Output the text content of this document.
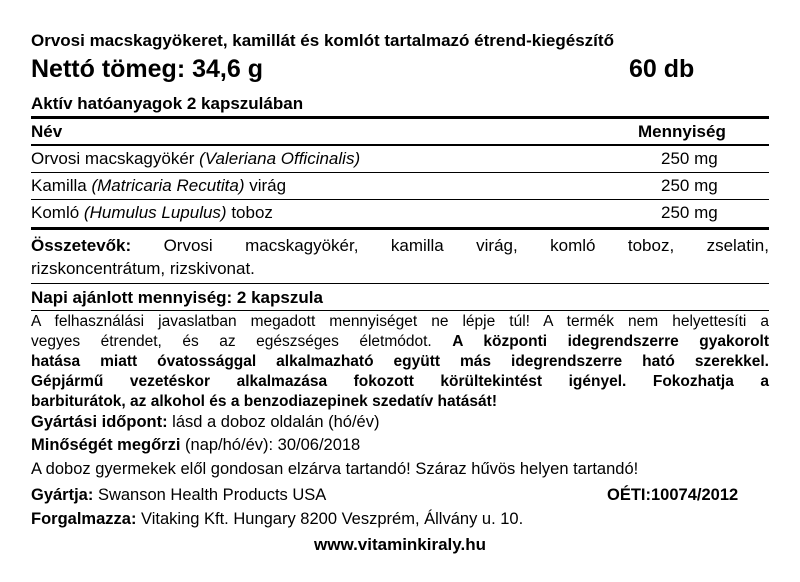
Orvosi macskagyökeret, kamillát és komlót tartalmazó étrend-kiegészítő
Nettó tömeg: 34,6 g	60 db
Aktív hatóanyagok 2 kapszulában
Név	Mennyiség
Orvosi macskagyökér (Valeriana Officinalis)	250 mg
Kamilla (Matricaria Recutita) virág	250 mg
Komló (Humulus Lupulus) toboz	250 mg
Összetevők: Orvosi macskagyökér, kamilla virág, komló toboz, zselatin,
rizskoncentrátum, rizskivonat.
Napi ajánlott mennyiség: 2 kapszula
A felhasználási javaslatban megadott mennyiséget ne lépje túl! A termék nem helyettesíti a
vegyes étrendet, és az egészséges életmódot. A központi idegrendszerre gyakorolt
hatása miatt óvatossággal alkalmazható együtt más idegrendszerre ható szerekkel.
Gépjármű vezetéskor alkalmazása fokozott körültekintést igényel. Fokozhatja a
barbiturátok, az alkohol és a benzodiazepinek szedatív hatását!
Gyártási időpont: lásd a doboz oldalán (hó/év)
Minőségét megőrzi (nap/hó/év): 30/06/2018
A doboz gyermekek elől gondosan elzárva tartandó! Száraz hűvös helyen tartandó!
Gyártja: Swanson Health Products USA	OÉTI:10074/2012
Forgalmazza: Vitaking Kft. Hungary 8200 Veszprém, Állvány u. 10.
www.vitaminkiraly.hu
